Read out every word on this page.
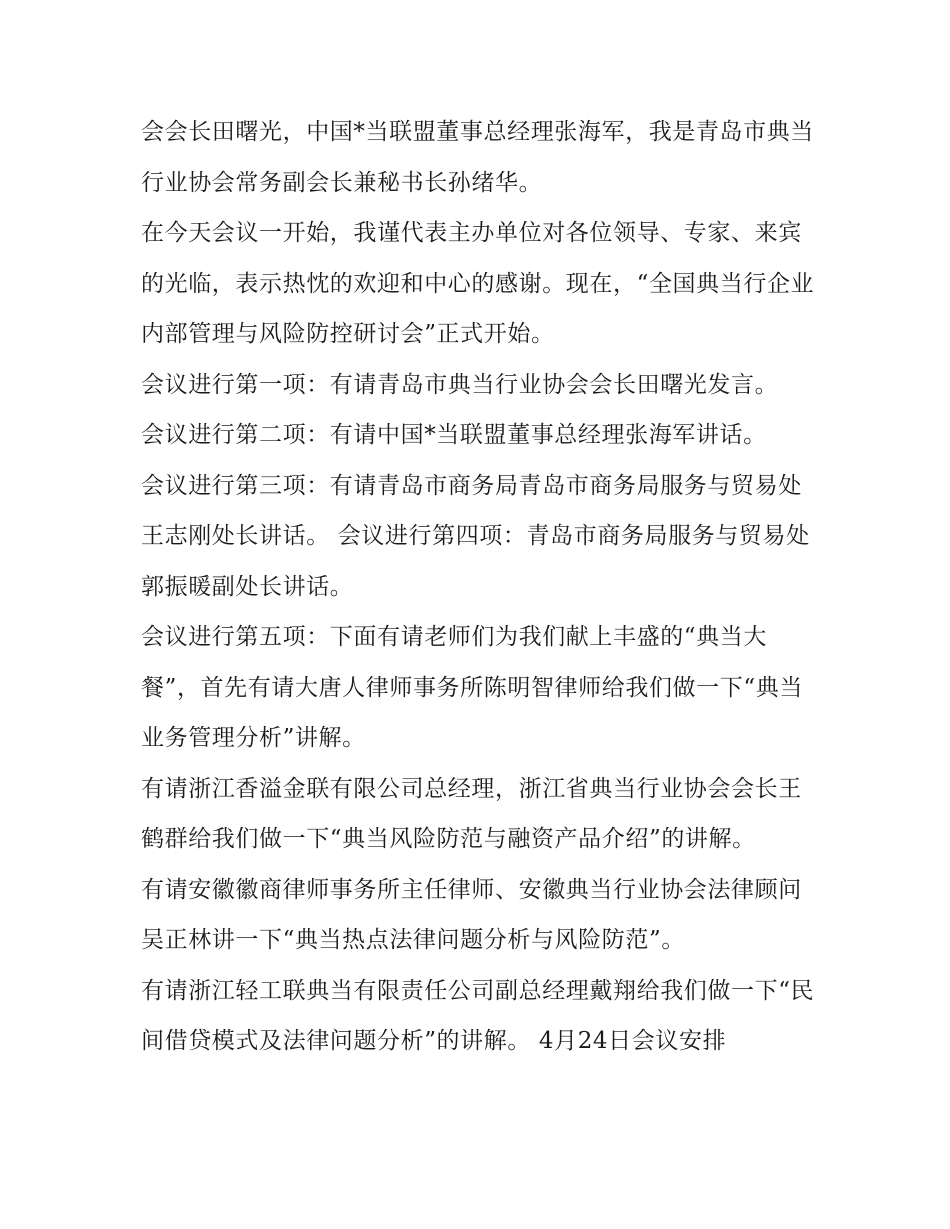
会会长田曙光，中国*当联盟董事总经理张海军，我是青岛市典当行业协会常务副会长兼秘书长孙绪华。

在今天会议一开始，我谨代表主办单位对各位领导、专家、来宾的光临，表示热忱的欢迎和中心的感谢。现在，“全国典当行企业内部管理与风险防控研讨会”正式开始。

会议进行第一项：有请青岛市典当行业协会会长田曙光发言。

会议进行第二项：有请中国*当联盟董事总经理张海军讲话。

会议进行第三项：有请青岛市商务局青岛市商务局服务与贸易处王志刚处长讲话。 会议进行第四项：青岛市商务局服务与贸易处郭振暖副处长讲话。

会议进行第五项：下面有请老师们为我们献上丰盛的“典当大餐”，首先有请大唐人律师事务所陈明智律师给我们做一下“典当业务管理分析”讲解。

有请浙江香溢金联有限公司总经理，浙江省典当行业协会会长王鹤群给我们做一下“典当风险防范与融资产品介绍”的讲解。

有请安徽徽商律师事务所主任律师、安徽典当行业协会法律顾问吴正林讲一下“典当热点法律问题分析与风险防范”。

有请浙江轻工联典当有限责任公司副总经理戴翔给我们做一下“民间借贷模式及法律问题分析”的讲解。 4月24日会议安排
